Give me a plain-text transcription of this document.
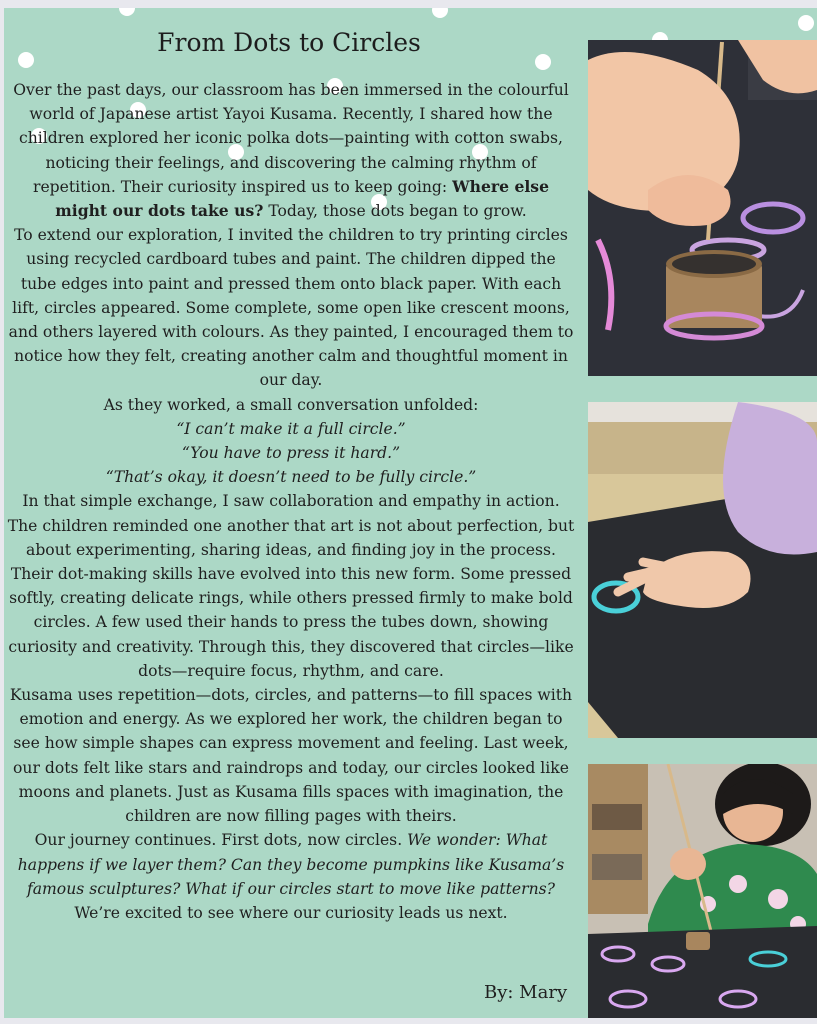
From Dots to Circles

Over the past days, our classroom has been immersed in the colourful world of Japanese artist Yayoi Kusama. Recently, I shared how the children explored her iconic polka dots—painting with cotton swabs, noticing their feelings, and discovering the calming rhythm of repetition. Their curiosity inspired us to keep going: Where else might our dots take us? Today, those dots began to grow.

To extend our exploration, I invited the children to try printing circles using recycled cardboard tubes and paint. The children dipped the tube edges into paint and pressed them onto black paper. With each lift, circles appeared. Some complete, some open like crescent moons, and others layered with colours. As they painted, I encouraged them to notice how they felt, creating another calm and thoughtful moment in our day.

As they worked, a small conversation unfolded:

“I can’t make it a full circle.”

“You have to press it hard.”

“That’s okay, it doesn’t need to be fully circle.”

In that simple exchange, I saw collaboration and empathy in action. The children reminded one another that art is not about perfection, but about experimenting, sharing ideas, and finding joy in the process. Their dot-making skills have evolved into this new form. Some pressed softly, creating delicate rings, while others pressed firmly to make bold circles. A few used their hands to press the tubes down, showing curiosity and creativity. Through this, they discovered that circles—like dots—require focus, rhythm, and care.

Kusama uses repetition—dots, circles, and patterns—to fill spaces with emotion and energy. As we explored her work, the children began to see how simple shapes can express movement and feeling. Last week, our dots felt like stars and raindrops and today, our circles looked like moons and planets. Just as Kusama fills spaces with imagination, the children are now filling pages with theirs.

Our journey continues. First dots, now circles. We wonder: What happens if we layer them? Can they become pumpkins like Kusama’s famous sculptures? What if our circles start to move like patterns? We’re excited to see where our curiosity leads us next.

By: Mary
